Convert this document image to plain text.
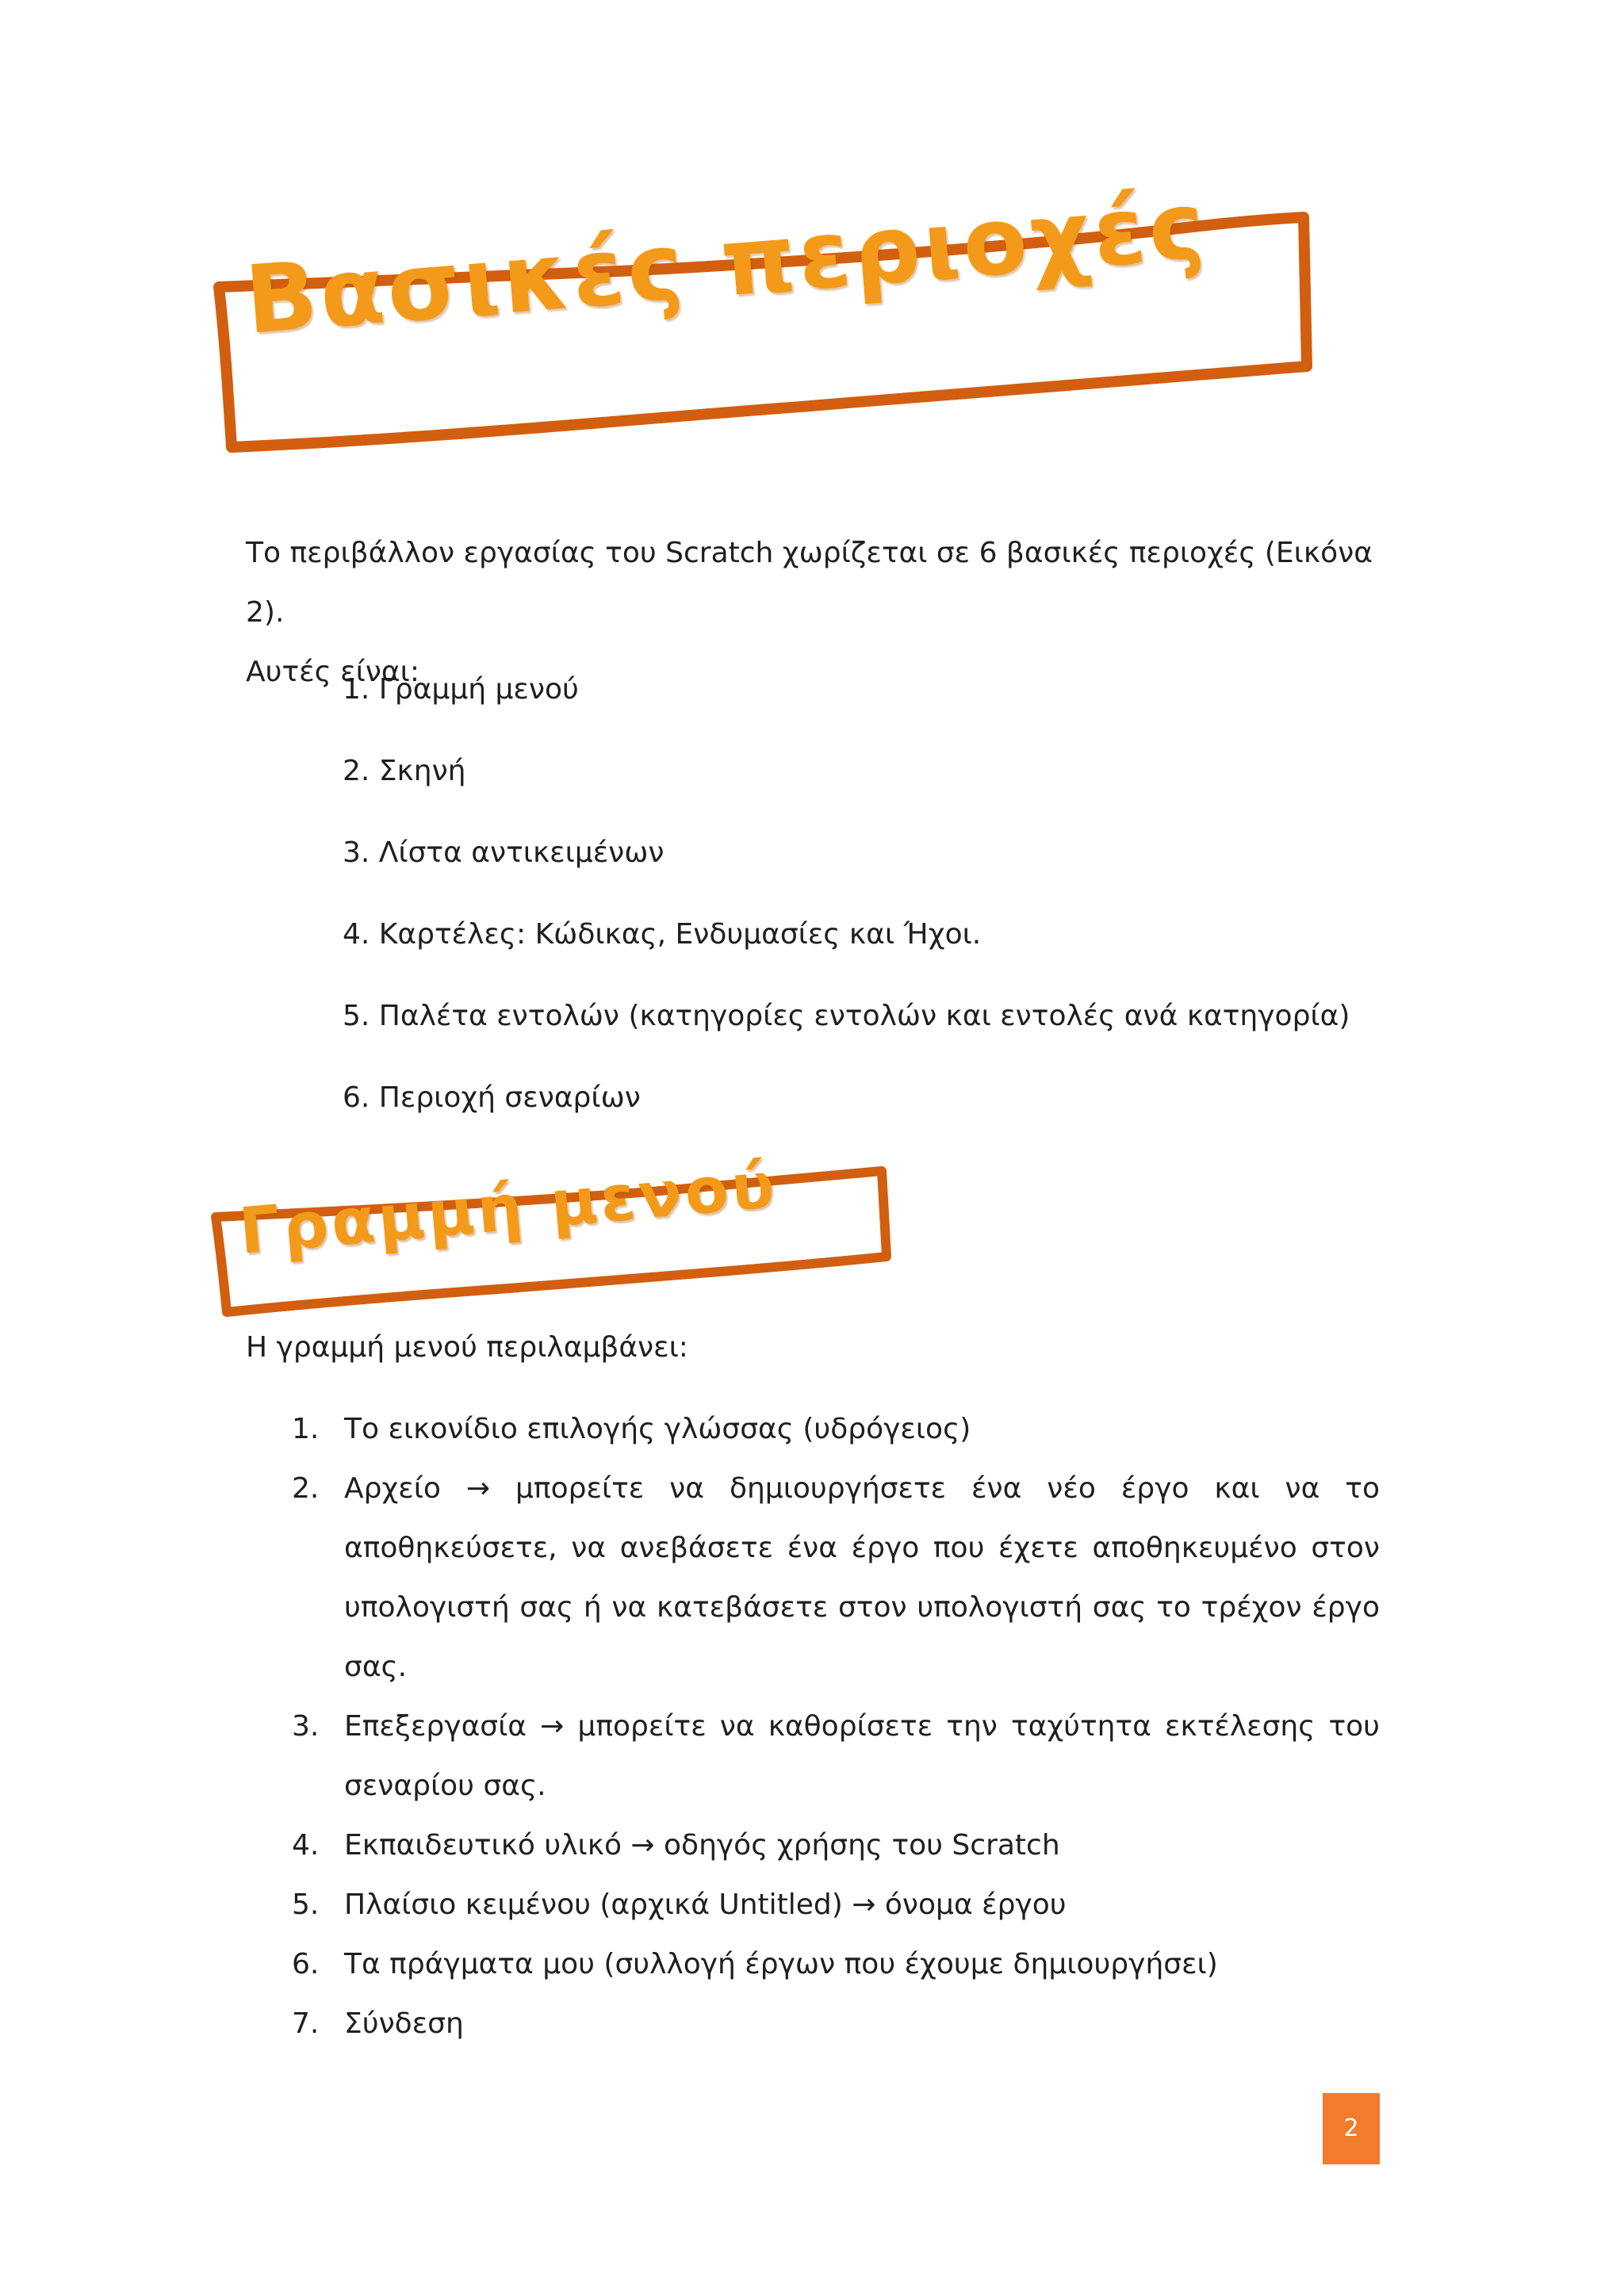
Βασικές περιοχές

Το περιβάλλον εργασίας του Scratch χωρίζεται σε 6 βασικές περιοχές (Εικόνα 2).
Αυτές είναι:

1. Γραμμή μενού
2. Σκηνή
3. Λίστα αντικειμένων
4. Καρτέλες: Κώδικας, Ενδυμασίες και Ήχοι.
5. Παλέτα εντολών (κατηγορίες εντολών και εντολές ανά κατηγορία)
6. Περιοχή σεναρίων
Γραμμή μενού

Η γραμμή μενού περιλαμβάνει:

1. Το εικονίδιο επιλογής γλώσσας (υδρόγειος)
2. Αρχείο → μπορείτε να δημιουργήσετε ένα νέο έργο και να το αποθηκεύσετε, να ανεβάσετε ένα έργο που έχετε αποθηκευμένο στον υπολογιστή σας ή να κατεβάσετε στον υπολογιστή σας το τρέχον έργο σας.
3. Επεξεργασία → μπορείτε να καθορίσετε την ταχύτητα εκτέλεσης του σεναρίου σας.
4. Εκπαιδευτικό υλικό → οδηγός χρήσης του Scratch
5. Πλαίσιο κειμένου (αρχικά Untitled) → όνομα έργου
6. Τα πράγματα μου (συλλογή έργων που έχουμε δημιουργήσει)
7. Σύνδεση
2
